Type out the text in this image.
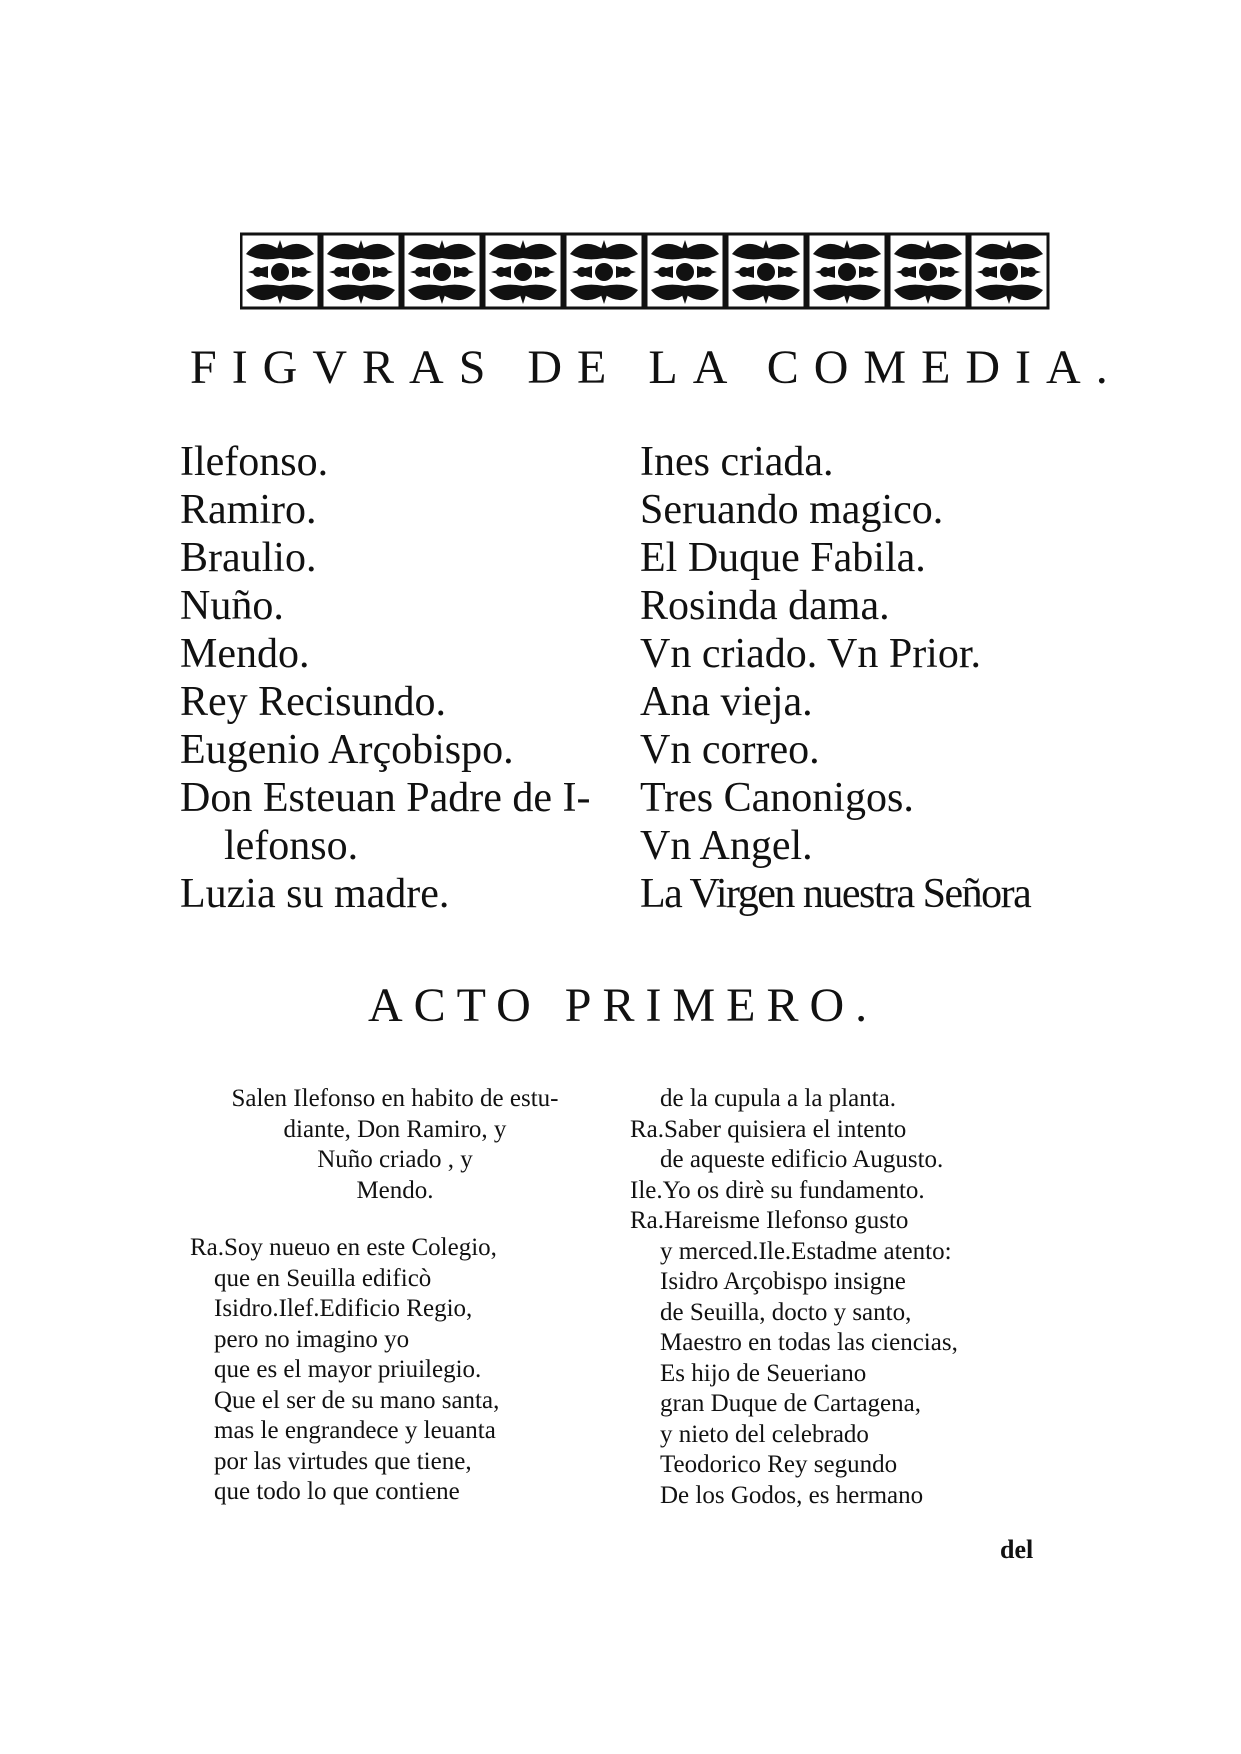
FIGVRAS DE LA COMEDIA.
Ilefonso.
Ramiro.
Braulio.
Nuño.
Mendo.
Rey Recisundo.
Eugenio Arçobispo.
Don Esteuan Padre de I-
lefonso.
Luzia su madre.
Ines criada.
Seruando magico.
El Duque Fabila.
Rosinda dama.
Vn criado. Vn Prior.
Ana vieja.
Vn correo.
Tres Canonigos.
Vn Angel.
La Virgen nuestra Señora
ACTO PRIMERO.
Salen Ilefonso en habito de estu-
diante, Don Ramiro, y
Nuño criado , y
Mendo.
Ra.Soy nueuo en este Colegio,
que en Seuilla edificò
Isidro.Ilef.Edificio Regio,
pero no imagino yo
que es el mayor priuilegio.
Que el ser de su mano santa,
mas le engrandece y leuanta
por las virtudes que tiene,
que todo lo que contiene
de la cupula a la planta.
Ra.Saber quisiera el intento
de aqueste edificio Augusto.
Ile.Yo os dirè su fundamento.
Ra.Hareisme Ilefonso gusto
y merced.Ile.Estadme atento:
Isidro Arçobispo insigne
de Seuilla, docto y santo,
Maestro en todas las ciencias,
Es hijo de Seueriano
gran Duque de Cartagena,
y nieto del celebrado
Teodorico Rey segundo
De los Godos, es hermano
del
